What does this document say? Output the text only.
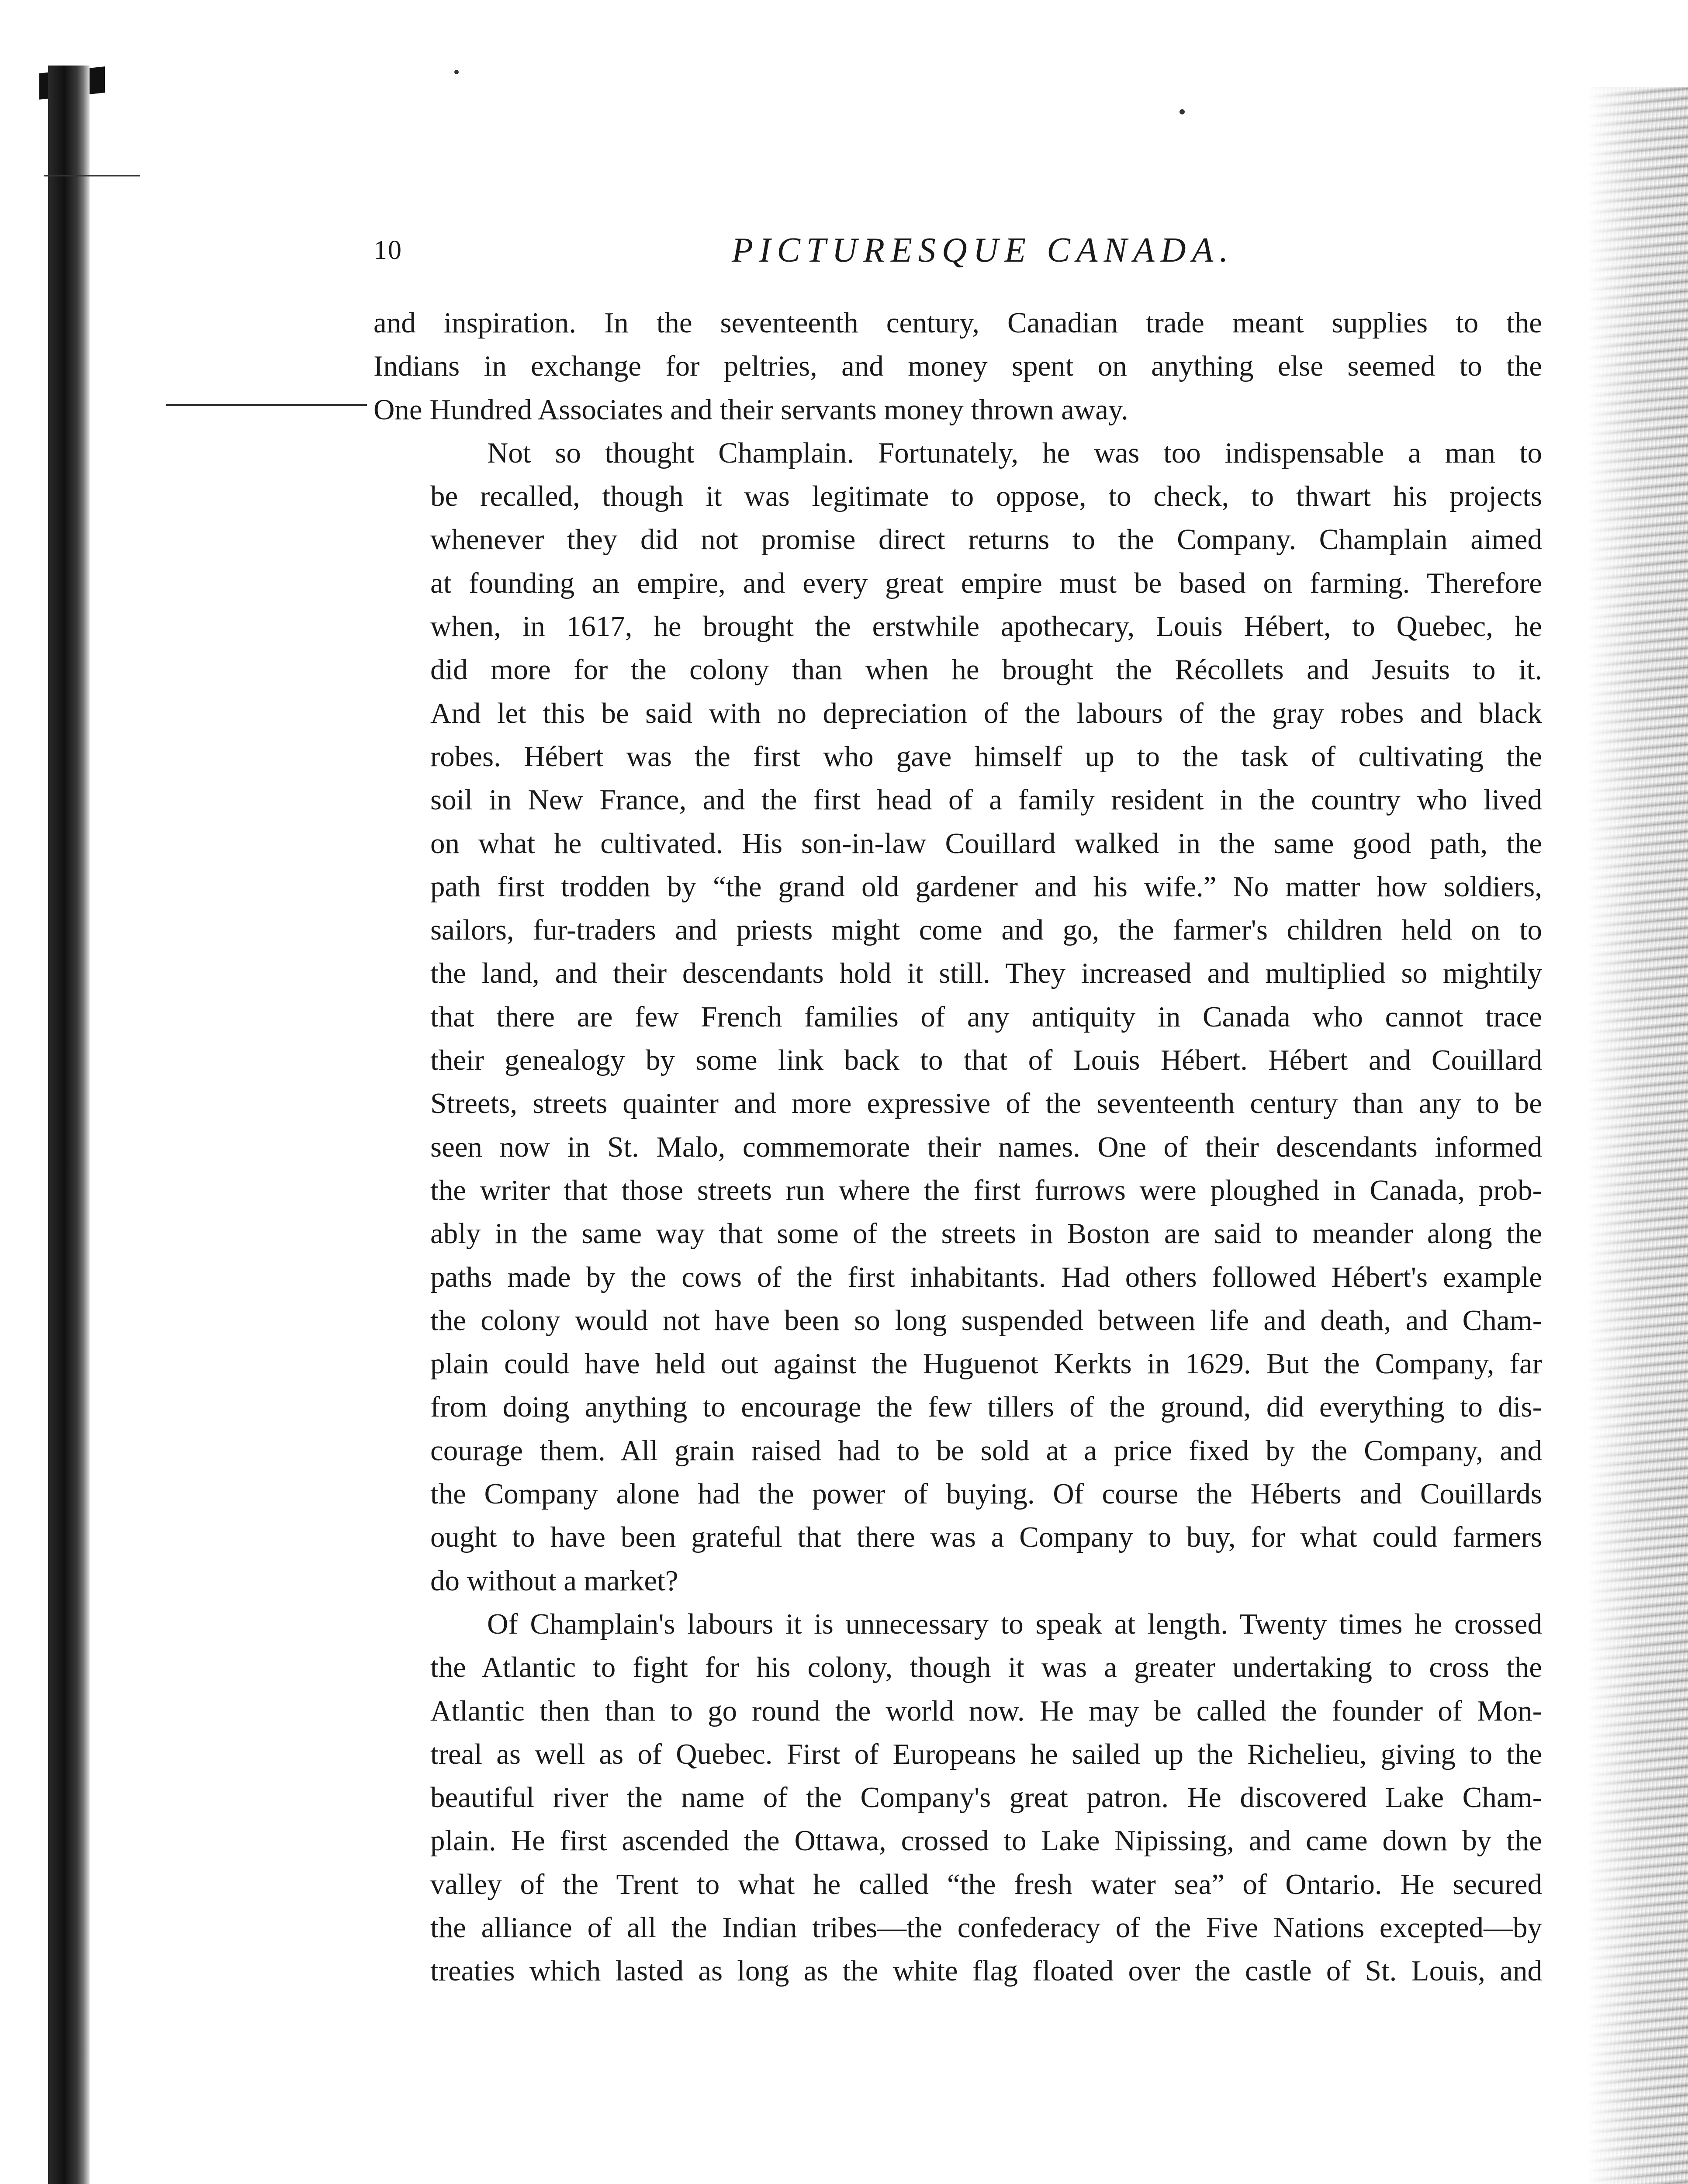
10	PICTURESQUE CANADA.

and inspiration. In the seventeenth century, Canadian trade meant supplies to the
Indians in exchange for peltries, and money spent on anything else seemed to the
One Hundred Associates and their servants money thrown away.

Not so thought Champlain. Fortunately, he was too indispensable a man to
be recalled, though it was legitimate to oppose, to check, to thwart his projects
whenever they did not promise direct returns to the Company. Champlain aimed
at founding an empire, and every great empire must be based on farming. Therefore
when, in 1617, he brought the erstwhile apothecary, Louis Hébert, to Quebec, he
did more for the colony than when he brought the Récollets and Jesuits to it.
And let this be said with no depreciation of the labours of the gray robes and black
robes. Hébert was the first who gave himself up to the task of cultivating the
soil in New France, and the first head of a family resident in the country who lived
on what he cultivated. His son-in-law Couillard walked in the same good path, the
path first trodden by “the grand old gardener and his wife.” No matter how soldiers,
sailors, fur-traders and priests might come and go, the farmer's children held on to
the land, and their descendants hold it still. They increased and multiplied so mightily
that there are few French families of any antiquity in Canada who cannot trace
their genealogy by some link back to that of Louis Hébert. Hébert and Couillard
Streets, streets quainter and more expressive of the seventeenth century than any to be
seen now in St. Malo, commemorate their names. One of their descendants informed
the writer that those streets run where the first furrows were ploughed in Canada, prob-
ably in the same way that some of the streets in Boston are said to meander along the
paths made by the cows of the first inhabitants. Had others followed Hébert's example
the colony would not have been so long suspended between life and death, and Cham-
plain could have held out against the Huguenot Kerkts in 1629. But the Company, far
from doing anything to encourage the few tillers of the ground, did everything to dis-
courage them. All grain raised had to be sold at a price fixed by the Company, and
the Company alone had the power of buying. Of course the Héberts and Couillards
ought to have been grateful that there was a Company to buy, for what could farmers
do without a market?

Of Champlain's labours it is unnecessary to speak at length. Twenty times he crossed
the Atlantic to fight for his colony, though it was a greater undertaking to cross the
Atlantic then than to go round the world now. He may be called the founder of Mon-
treal as well as of Quebec. First of Europeans he sailed up the Richelieu, giving to the
beautiful river the name of the Company's great patron. He discovered Lake Cham-
plain. He first ascended the Ottawa, crossed to Lake Nipissing, and came down by the
valley of the Trent to what he called “the fresh water sea” of Ontario. He secured
the alliance of all the Indian tribes—the confederacy of the Five Nations excepted—by
treaties which lasted as long as the white flag floated over the castle of St. Louis, and
